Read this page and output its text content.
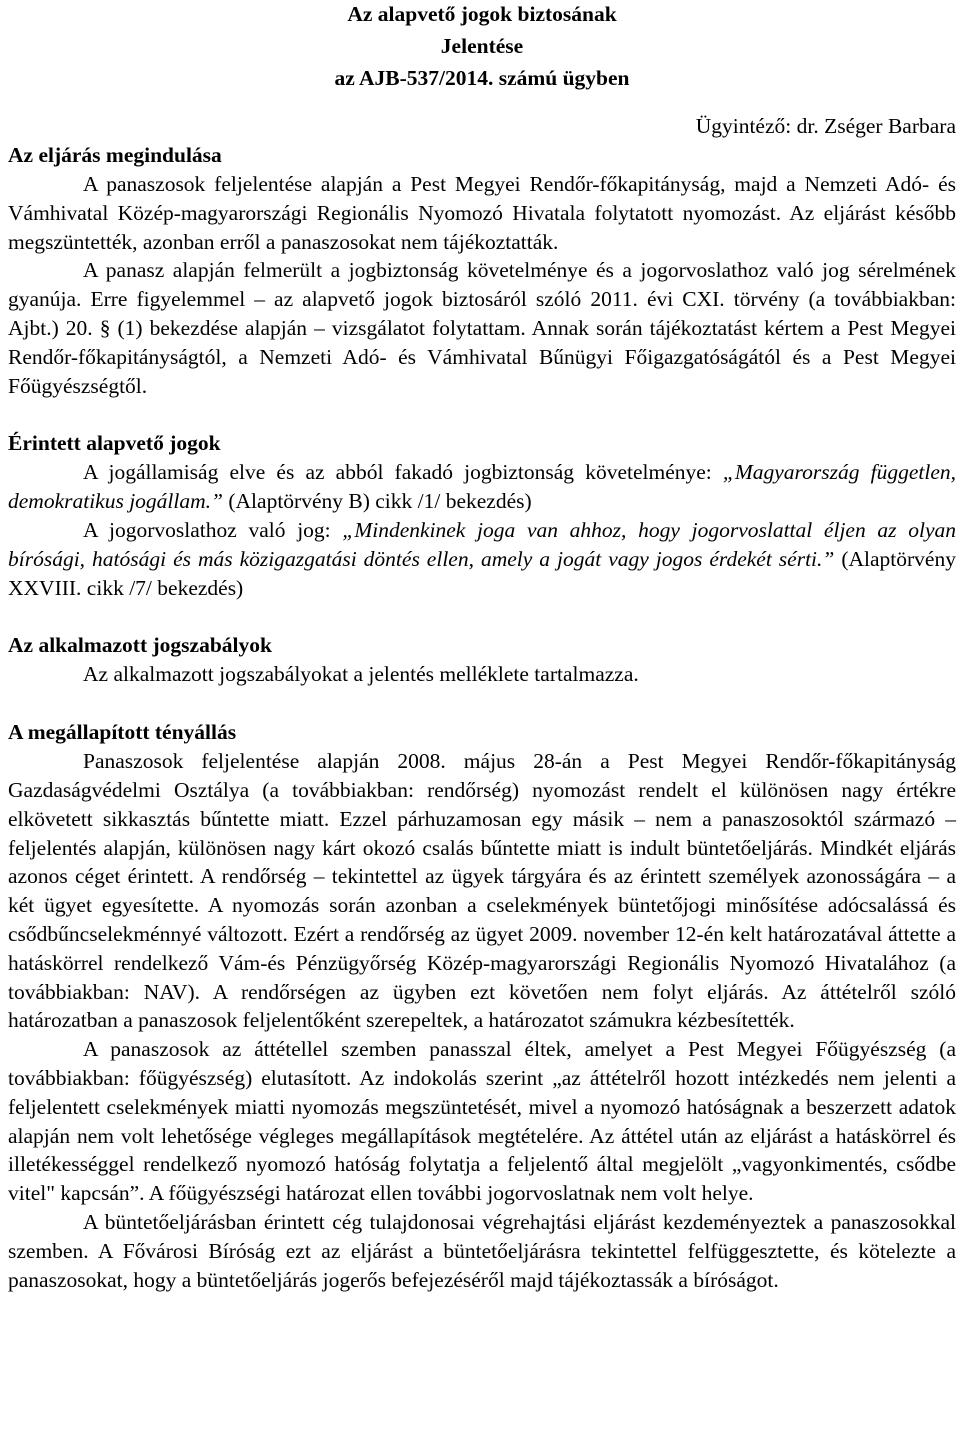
Az alapvető jogok biztosának
Jelentése
az AJB-537/2014. számú ügyben
Ügyintéző: dr. Zséger Barbara
Az eljárás megindulása

A panaszosok feljelentése alapján a Pest Megyei Rendőr-főkapitányság, majd a Nemzeti Adó- és Vámhivatal Közép-magyarországi Regionális Nyomozó Hivatala folytatott nyomozást. Az eljárást később megszüntették, azonban erről a panaszosokat nem tájékoztatták.

A panasz alapján felmerült a jogbiztonság követelménye és a jogorvoslathoz való jog sérelmének gyanúja. Erre figyelemmel – az alapvető jogok biztosáról szóló 2011. évi CXI. törvény (a továbbiakban: Ajbt.) 20. § (1) bekezdése alapján – vizsgálatot folytattam. Annak során tájékoztatást kértem a Pest Megyei Rendőr-főkapitányságtól, a Nemzeti Adó- és Vámhivatal Bűnügyi Főigazgatóságától és a Pest Megyei Főügyészségtől.

Érintett alapvető jogok

A jogállamiság elve és az abból fakadó jogbiztonság követelménye: „Magyarország független, demokratikus jogállam.” (Alaptörvény B) cikk /1/ bekezdés)

A jogorvoslathoz való jog: „Mindenkinek joga van ahhoz, hogy jogorvoslattal éljen az olyan bírósági, hatósági és más közigazgatási döntés ellen, amely a jogát vagy jogos érdekét sérti.” (Alaptörvény XXVIII. cikk /7/ bekezdés)

Az alkalmazott jogszabályok

Az alkalmazott jogszabályokat a jelentés melléklete tartalmazza.

A megállapított tényállás

Panaszosok feljelentése alapján 2008. május 28-án a Pest Megyei Rendőr-főkapitányság Gazdaságvédelmi Osztálya (a továbbiakban: rendőrség) nyomozást rendelt el különösen nagy értékre elkövetett sikkasztás bűntette miatt. Ezzel párhuzamosan egy másik – nem a panaszosoktól származó – feljelentés alapján, különösen nagy kárt okozó csalás bűntette miatt is indult büntetőeljárás. Mindkét eljárás azonos céget érintett. A rendőrség – tekintettel az ügyek tárgyára és az érintett személyek azonosságára – a két ügyet egyesítette. A nyomozás során azonban a cselekmények büntetőjogi minősítése adócsalássá és csődbűncselekménnyé változott. Ezért a rendőrség az ügyet 2009. november 12-én kelt határozatával áttette a hatáskörrel rendelkező Vám-és Pénzügyőrség Közép-magyarországi Regionális Nyomozó Hivatalához (a továbbiakban: NAV). A rendőrségen az ügyben ezt követően nem folyt eljárás. Az áttételről szóló határozatban a panaszosok feljelentőként szerepeltek, a határozatot számukra kézbesítették.

A panaszosok az áttétellel szemben panasszal éltek, amelyet a Pest Megyei Főügyészség (a továbbiakban: főügyészség) elutasított. Az indokolás szerint „az áttételről hozott intézkedés nem jelenti a feljelentett cselekmények miatti nyomozás megszüntetését, mivel a nyomozó hatóságnak a beszerzett adatok alapján nem volt lehetősége végleges megállapítások megtételére. Az áttétel után az eljárást a hatáskörrel és illetékességgel rendelkező nyomozó hatóság folytatja a feljelentő által megjelölt „vagyonkimentés, csődbe vitel" kapcsán”. A főügyészségi határozat ellen további jogorvoslatnak nem volt helye.

A büntetőeljárásban érintett cég tulajdonosai végrehajtási eljárást kezdeményeztek a panaszosokkal szemben. A Fővárosi Bíróság ezt az eljárást a büntetőeljárásra tekintettel felfüggesztette, és kötelezte a panaszosokat, hogy a büntetőeljárás jogerős befejezéséről majd tájékoztassák a bíróságot.
